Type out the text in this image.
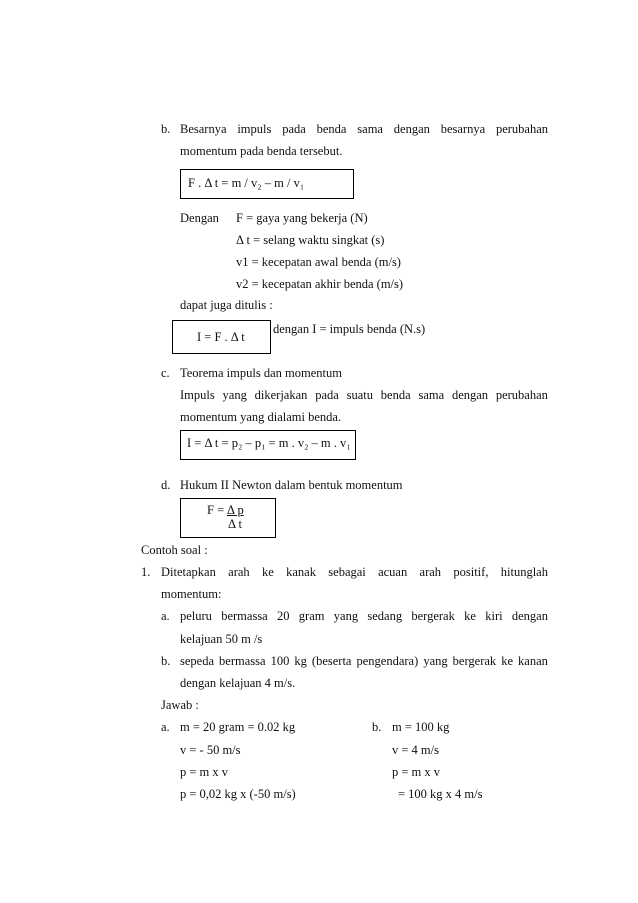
b. Besarnya impuls pada benda sama dengan besarnya perubahan
momentum pada benda tersebut.
F . Δ t = m / v₂ – m / v₁
Dengan F = gaya yang bekerja (N)
Δ t = selang waktu singkat (s)
v1 = kecepatan awal benda (m/s)
v2 = kecepatan akhir benda (m/s)
dapat juga ditulis :
I = F . Δ t
dengan I = impuls benda (N.s)
c. Teorema impuls dan momentum
Impuls yang dikerjakan pada suatu benda sama dengan perubahan
momentum yang dialami benda.
I = Δ t = p₂ – p₁ = m . v₂ – m . v₁
d. Hukum II Newton dalam bentuk momentum
F = Δ p
Δ t
Contoh soal :
1. Ditetapkan arah ke kanak sebagai acuan arah positif, hitunglah
momentum:
a. peluru bermassa 20 gram yang sedang bergerak ke kiri dengan
kelajuan 50 m /s
b. sepeda bermassa 100 kg (beserta pengendara) yang bergerak ke kanan
dengan kelajuan 4 m/s.
Jawab :
a. m = 20 gram = 0.02 kg
v = - 50 m/s
p = m x v
p = 0,02 kg x (-50 m/s)
b. m = 100 kg
v = 4 m/s
p = m x v
= 100 kg x 4 m/s
